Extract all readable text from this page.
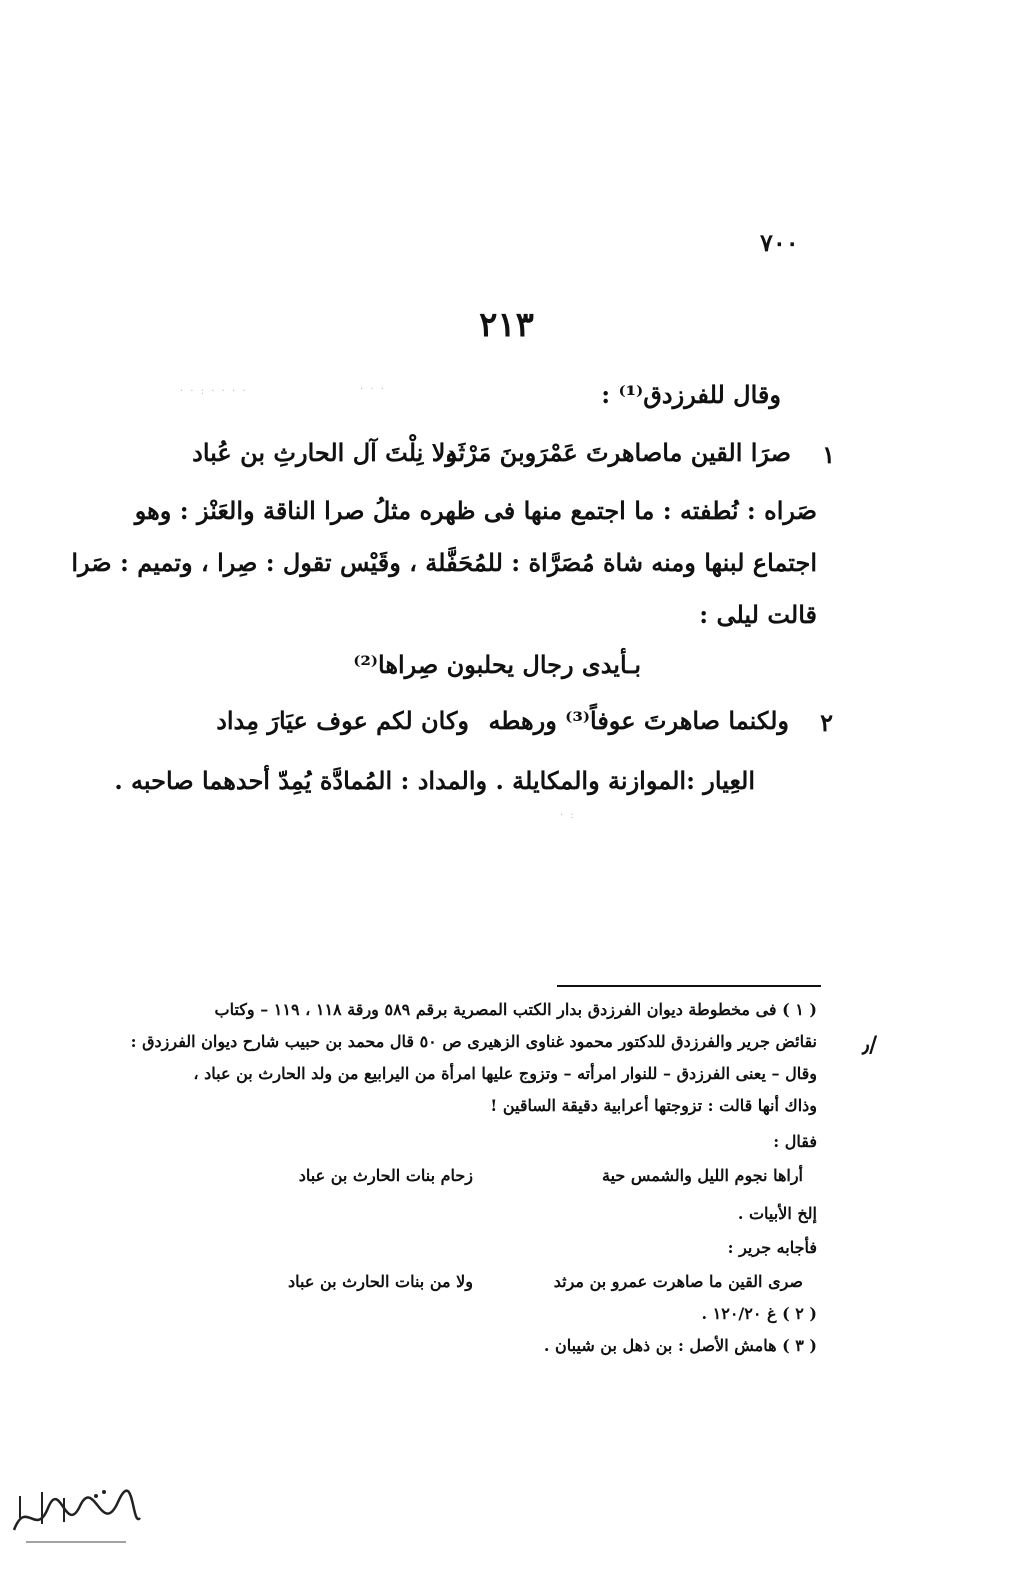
٧٠٠
٢١٣
وقال للفرزدق⁽¹⁾ :
١
صرَا القين ماصاهرتَ عَمْرَوبنَ مَرْثَد
ولا نِلْتَ آل الحارثِ بن عُباد
صَراه : نُطفته : ما اجتمع منها فى ظهره مثلُ صرا الناقة والعَنْز : وهو
اجتماع لبنها ومنه شاة مُصَرَّاة : للمُحَفَّلة ، وقَيْس تقول : صِرا ، وتميم : صَرا
قالت ليلى :
بـأيدى رجال يحلبون صِراها⁽²⁾
٢
ولكنما صاهرتَ عوفاً⁽³⁾ ورهطه
وكان لكم عوف عيَارَ مِداد
العِيار :الموازنة والمكايلة . والمداد : المُمادَّة يُمِدّ أحدهما صاحبه .
( ١ ) فى مخطوطة ديوان الفرزدق بدار الكتب المصرية برقم ٥٨٩ ورقة ١١٨ ، ١١٩ – وكتاب
نقائض جرير والفرزدق للدكتور محمود غناوى الزهيرى ص ٥٠ قال محمد بن حبيب شارح ديوان الفرزدق :
وقال – يعنى الفرزدق – للنوار امرأته – وتزوج عليها امرأة من اليرابيع من ولد الحارث بن عباد ،
وذاك أنها قالت : تزوجتها أعرابية دقيقة الساقين !
فقال :
أراها نجوم الليل والشمس حية
زحام بنات الحارث بن عباد
إلخ الأبيات .
فأجابه جرير :
صرى القين ما صاهرت عمرو بن مرثد
ولا من بنات الحارث بن عباد
( ٢ ) غ ١٢٠/٢٠ .
( ٣ ) هامش الأصل : بن ذهل بن شيبان .
٫/
· · : · · · ·	· · ·
· :
